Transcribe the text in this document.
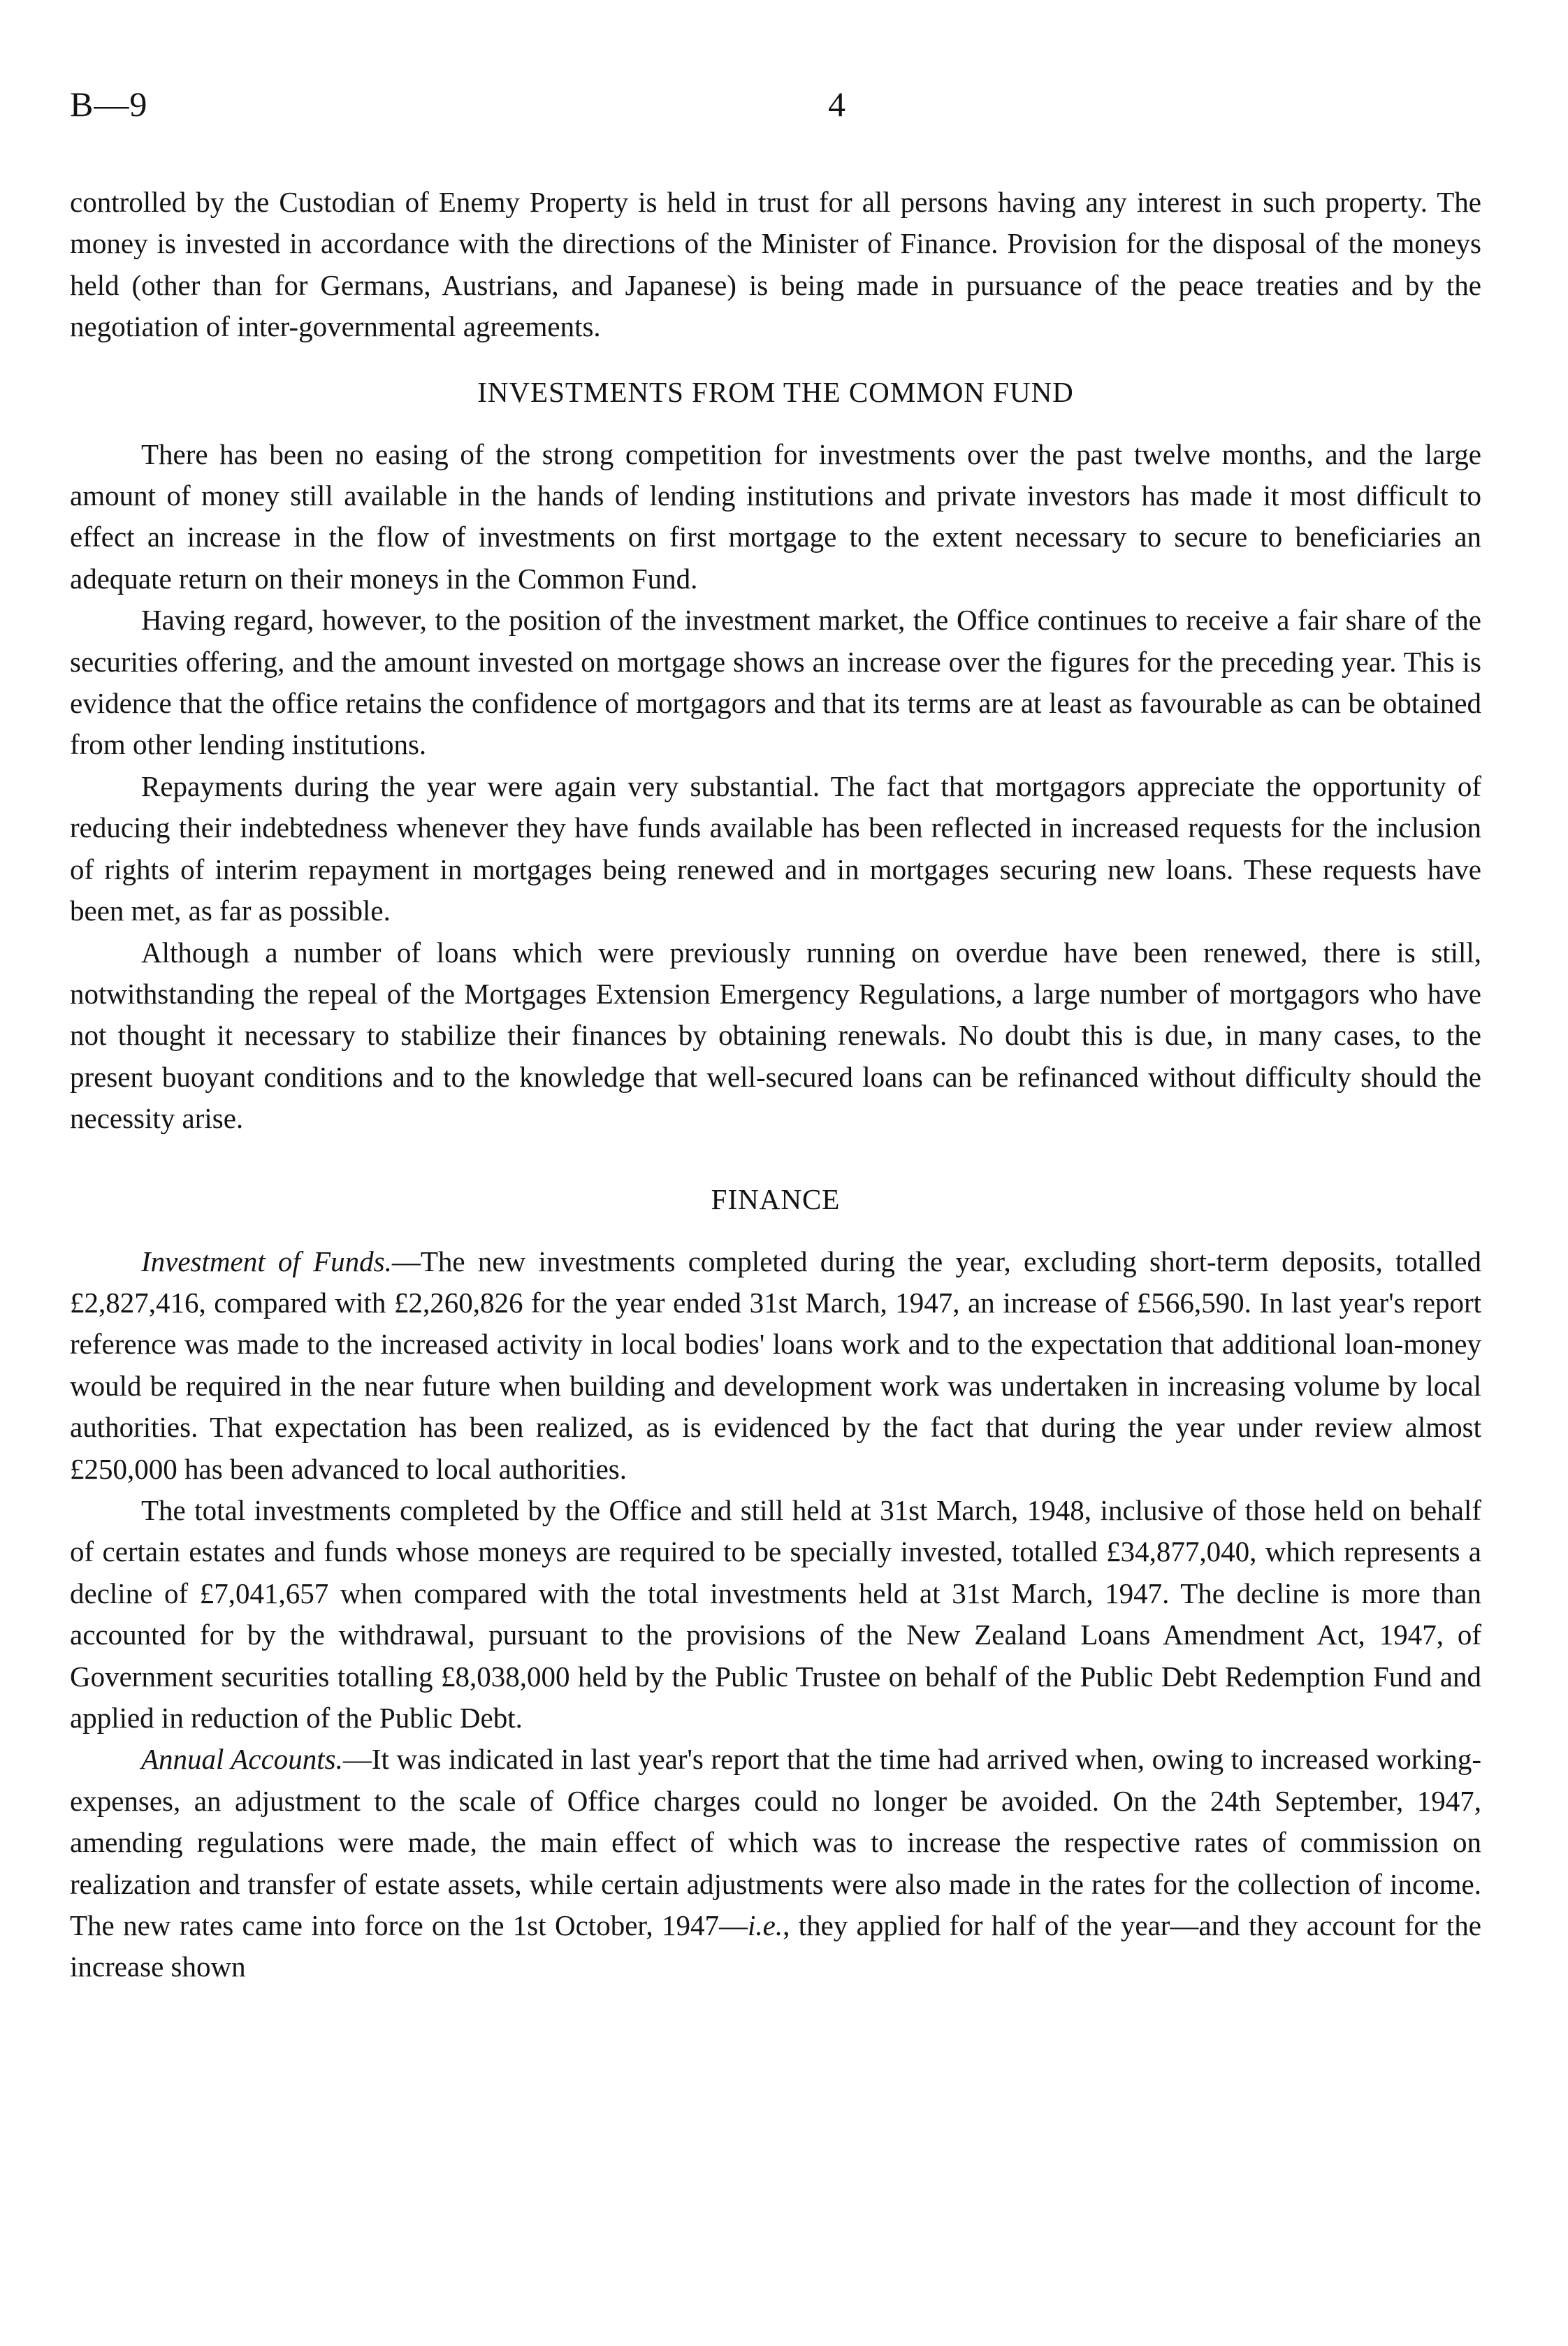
B—9	4

controlled by the Custodian of Enemy Property is held in trust for all persons having any interest in such property. The money is invested in accordance with the directions of the Minister of Finance. Provision for the disposal of the moneys held (other than for Germans, Austrians, and Japanese) is being made in pursuance of the peace treaties and by the negotiation of inter-governmental agreements.

INVESTMENTS FROM THE COMMON FUND

There has been no easing of the strong competition for investments over the past twelve months, and the large amount of money still available in the hands of lending institutions and private investors has made it most difficult to effect an increase in the flow of investments on first mortgage to the extent necessary to secure to beneficiaries an adequate return on their moneys in the Common Fund.

Having regard, however, to the position of the investment market, the Office continues to receive a fair share of the securities offering, and the amount invested on mortgage shows an increase over the figures for the preceding year. This is evidence that the office retains the confidence of mortgagors and that its terms are at least as favourable as can be obtained from other lending institutions.

Repayments during the year were again very substantial. The fact that mortgagors appreciate the opportunity of reducing their indebtedness whenever they have funds available has been reflected in increased requests for the inclusion of rights of interim repayment in mortgages being renewed and in mortgages securing new loans. These requests have been met, as far as possible.

Although a number of loans which were previously running on overdue have been renewed, there is still, notwithstanding the repeal of the Mortgages Extension Emergency Regulations, a large number of mortgagors who have not thought it necessary to stabilize their finances by obtaining renewals. No doubt this is due, in many cases, to the present buoyant conditions and to the knowledge that well-secured loans can be refinanced without difficulty should the necessity arise.

FINANCE

Investment of Funds.—The new investments completed during the year, excluding short-term deposits, totalled £2,827,416, compared with £2,260,826 for the year ended 31st March, 1947, an increase of £566,590. In last year's report reference was made to the increased activity in local bodies' loans work and to the expectation that additional loan-money would be required in the near future when building and development work was undertaken in increasing volume by local authorities. That expectation has been realized, as is evidenced by the fact that during the year under review almost £250,000 has been advanced to local authorities.

The total investments completed by the Office and still held at 31st March, 1948, inclusive of those held on behalf of certain estates and funds whose moneys are required to be specially invested, totalled £34,877,040, which represents a decline of £7,041,657 when compared with the total investments held at 31st March, 1947. The decline is more than accounted for by the withdrawal, pursuant to the provisions of the New Zealand Loans Amendment Act, 1947, of Government securities totalling £8,038,000 held by the Public Trustee on behalf of the Public Debt Redemption Fund and applied in reduction of the Public Debt.

Annual Accounts.—It was indicated in last year's report that the time had arrived when, owing to increased working-expenses, an adjustment to the scale of Office charges could no longer be avoided. On the 24th September, 1947, amending regulations were made, the main effect of which was to increase the respective rates of commission on realization and transfer of estate assets, while certain adjustments were also made in the rates for the collection of income. The new rates came into force on the 1st October, 1947—i.e., they applied for half of the year—and they account for the increase shown
